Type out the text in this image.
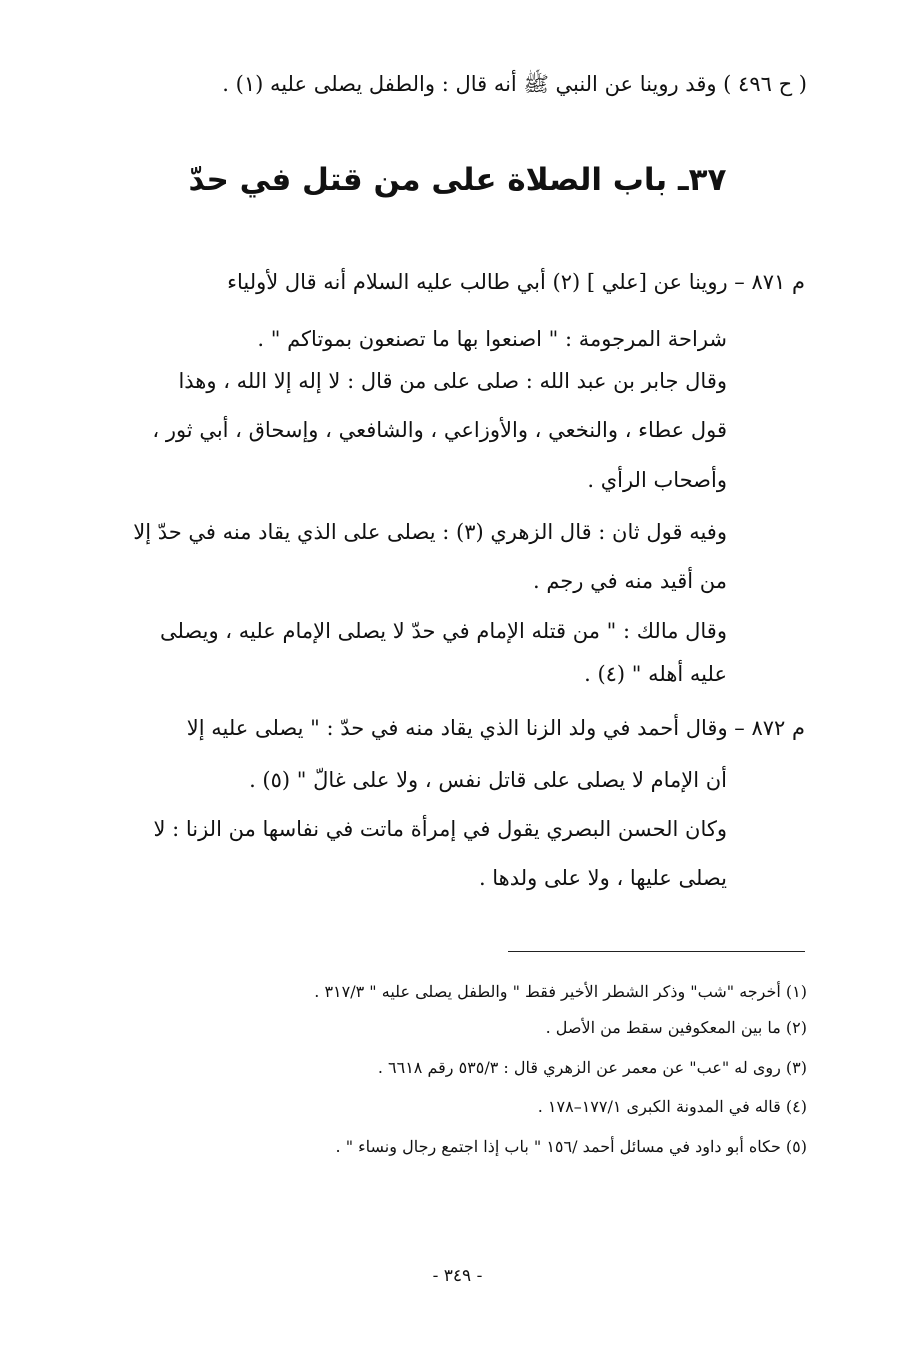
( ح ٤٩٦ ) وقد روينا عن النبي ﷺ أنه قال : والطفل يصلى عليه (١) .
٣٧ـ باب الصلاة على من قتل في حدّ
م ٨٧١ – روينا عن [علي ] (٢) أبي طالب عليه السلام أنه قال لأولياء
شراحة المرجومة : " اصنعوا بها ما تصنعون بموتاكم " .
وقال جابر بن عبد الله : صلى على من قال : لا إله إلا الله ، وهذا
قول عطاء ، والنخعي ، والأوزاعي ، والشافعي ، وإسحاق ، أبي ثور ،
وأصحاب الرأي .
وفيه قول ثان : قال الزهري (٣) : يصلى على الذي يقاد منه في حدّ إلا
من أقيد منه في رجم .
وقال مالك : " من قتله الإمام في حدّ لا يصلى الإمام عليه ، ويصلى
عليه أهله " (٤) .
م ٨٧٢ – وقال أحمد في ولد الزنا الذي يقاد منه في حدّ : " يصلى عليه إلا
أن الإمام لا يصلى على قاتل نفس ، ولا على غالّ " (٥) .
وكان الحسن البصري يقول في إمرأة ماتت في نفاسها من الزنا : لا
يصلى عليها ، ولا على ولدها .
(١) أخرجه "شب" وذكر الشطر الأخير فقط " والطفل يصلى عليه " ٣١٧/٣ .
(٢) ما بين المعكوفين سقط من الأصل .
(٣) روى له "عب" عن معمر عن الزهري قال : ٥٣٥/٣ رقم ٦٦١٨ .
(٤) قاله في المدونة الكبرى ١٧٧/١–١٧٨ .
(٥) حكاه أبو داود في مسائل أحمد /١٥٦ " باب إذا اجتمع رجال ونساء " .
- ٣٤٩ -
